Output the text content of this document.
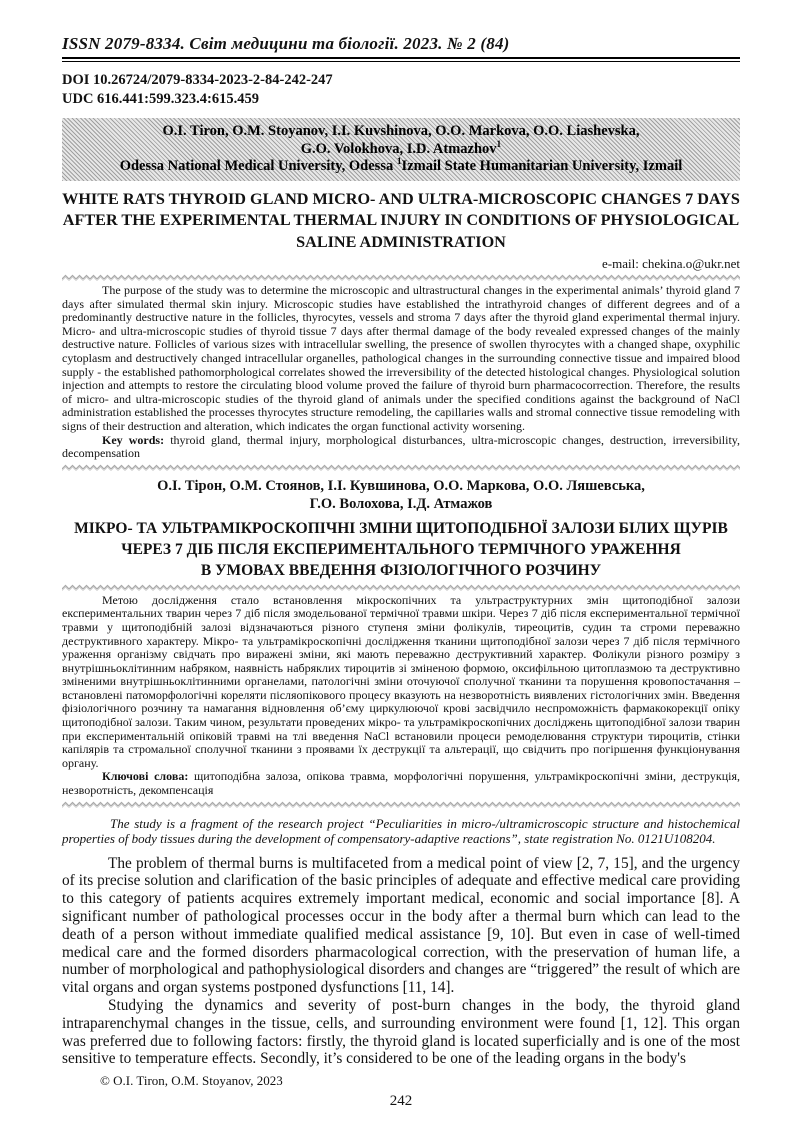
ISSN 2079-8334. Світ медицини та біології. 2023. № 2 (84)
DOI 10.26724/2079-8334-2023-2-84-242-247
UDC 616.441:599.323.4:615.459
O.I. Tiron, O.M. Stoyanov, I.I. Kuvshinova, O.O. Markova, O.O. Liashevska,
G.O. Volokhova, I.D. Atmazhov$^1$
Odessa National Medical University, Odessa $^1$Izmail State Humanitarian University, Izmail
WHITE RATS THYROID GLAND MICRO- AND ULTRA-MICROSCOPIC CHANGES 7 DAYS
AFTER THE EXPERIMENTAL THERMAL INJURY IN CONDITIONS OF PHYSIOLOGICAL
SALINE ADMINISTRATION
e-mail: chekina.o@ukr.net

The purpose of the study was to determine the microscopic and ultrastructural changes in the experimental animals’ thyroid gland 7 days after simulated thermal skin injury. Microscopic studies have established the intrathyroid changes of different degrees and of a predominantly destructive nature in the follicles, thyrocytes, vessels and stroma 7 days after the thyroid gland experimental thermal injury. Micro- and ultra-microscopic studies of thyroid tissue 7 days after thermal damage of the body revealed expressed changes of the mainly destructive nature. Follicles of various sizes with intracellular swelling, the presence of swollen thyrocytes with a changed shape, oxyphilic cytoplasm and destructively changed intracellular organelles, pathological changes in the surrounding connective tissue and impaired blood supply - the established pathomorphological correlates showed the irreversibility of the detected histological changes. Physiological solution injection and attempts to restore the circulating blood volume proved the failure of thyroid burn pharmacocorrection. Therefore, the results of micro- and ultra-microscopic studies of the thyroid gland of animals under the specified conditions against the background of NaCl administration established the processes thyrocytes structure remodeling, the capillaries walls and stromal connective tissue remodeling with signs of their destruction and alteration, which indicates the organ functional activity worsening.

Key words: thyroid gland, thermal injury, morphological disturbances, ultra-microscopic changes, destruction, irreversibility, decompensation

О.І. Тірон, О.М. Стоянов, І.І. Кувшинова, О.О. Маркова, О.О. Ляшевська,
Г.О. Волохова, І.Д. Атмажов
МІКРО- ТА УЛЬТРАМІКРОСКОПІЧНІ ЗМІНИ ЩИТОПОДІБНОЇ ЗАЛОЗИ БІЛИХ ЩУРІВ
ЧЕРЕЗ 7 ДІБ ПІСЛЯ ЕКСПЕРИМЕНТАЛЬНОГО ТЕРМІЧНОГО УРАЖЕННЯ
В УМОВАХ ВВЕДЕННЯ ФІЗІОЛОГІЧНОГО РОЗЧИНУ

Метою дослідження стало встановлення мікроскопічних та ультраструктурних змін щитоподібної залози експериментальних тварин через 7 діб після змодельованої термічної травми шкіри. Через 7 діб після експериментальної термічної травми у щитоподібній залозі відзначаються різного ступеня зміни фолікулів, тиреоцитів, судин та строми переважно деструктивного характеру. Мікро- та ультрамікроскопічні дослідження тканини щитоподібної залози через 7 діб після термічного ураження організму свідчать про виражені зміни, які мають переважно деструктивний характер. Фолікули різного розміру з внутрішньоклітинним набряком, наявність набряклих тироцитів зі зміненою формою, оксифільною цитоплазмою та деструктивно зміненими внутрішньоклітинними органелами, патологічні зміни оточуючої сполучної тканини та порушення кровопостачання – встановлені патоморфологічні кореляти післяопікового процесу вказують на незворотність виявлених гістологічних змін. Введення фізіологічного розчину та намагання відновлення об’єму циркулюючої крові засвідчило неспроможність фармакокорекції опіку щитоподібної залози. Таким чином, результати проведених мікро- та ультрамікроскопічних досліджень щитоподібної залози тварин при експериментальній опіковій травмі на тлі введення NaCl встановили процеси ремоделювання структури тироцитів, стінки капілярів та стромальної сполучної тканини з проявами їх деструкції та альтерації, що свідчить про погіршення функціонування органу.

Ключові слова: щитоподібна залоза, опікова травма, морфологічні порушення, ультрамікроскопічні зміни, деструкція, незворотність, декомпенсація

The study is a fragment of the research project “Peculiarities in micro-/ultramicroscopic structure and histochemical properties of body tissues during the development of compensatory-adaptive reactions”, state registration No. 0121U108204.

The problem of thermal burns is multifaceted from a medical point of view [2, 7, 15], and the urgency of its precise solution and clarification of the basic principles of adequate and effective medical care providing to this category of patients acquires extremely important medical, economic and social importance [8]. A significant number of pathological processes occur in the body after a thermal burn which can lead to the death of a person without immediate qualified medical assistance [9, 10]. But even in case of well-timed medical care and the formed disorders pharmacological correction, with the preservation of human life, a number of morphological and pathophysiological disorders and changes are “triggered” the result of which are vital organs and organ systems postponed dysfunctions [11, 14].

Studying the dynamics and severity of post-burn changes in the body, the thyroid gland intraparenchymal changes in the tissue, cells, and surrounding environment were found [1, 12]. This organ was preferred due to following factors: firstly, the thyroid gland is located superficially and is one of the most sensitive to temperature effects. Secondly, it’s considered to be one of the leading organs in the body's

© O.I. Tiron, O.M. Stoyanov, 2023
242
